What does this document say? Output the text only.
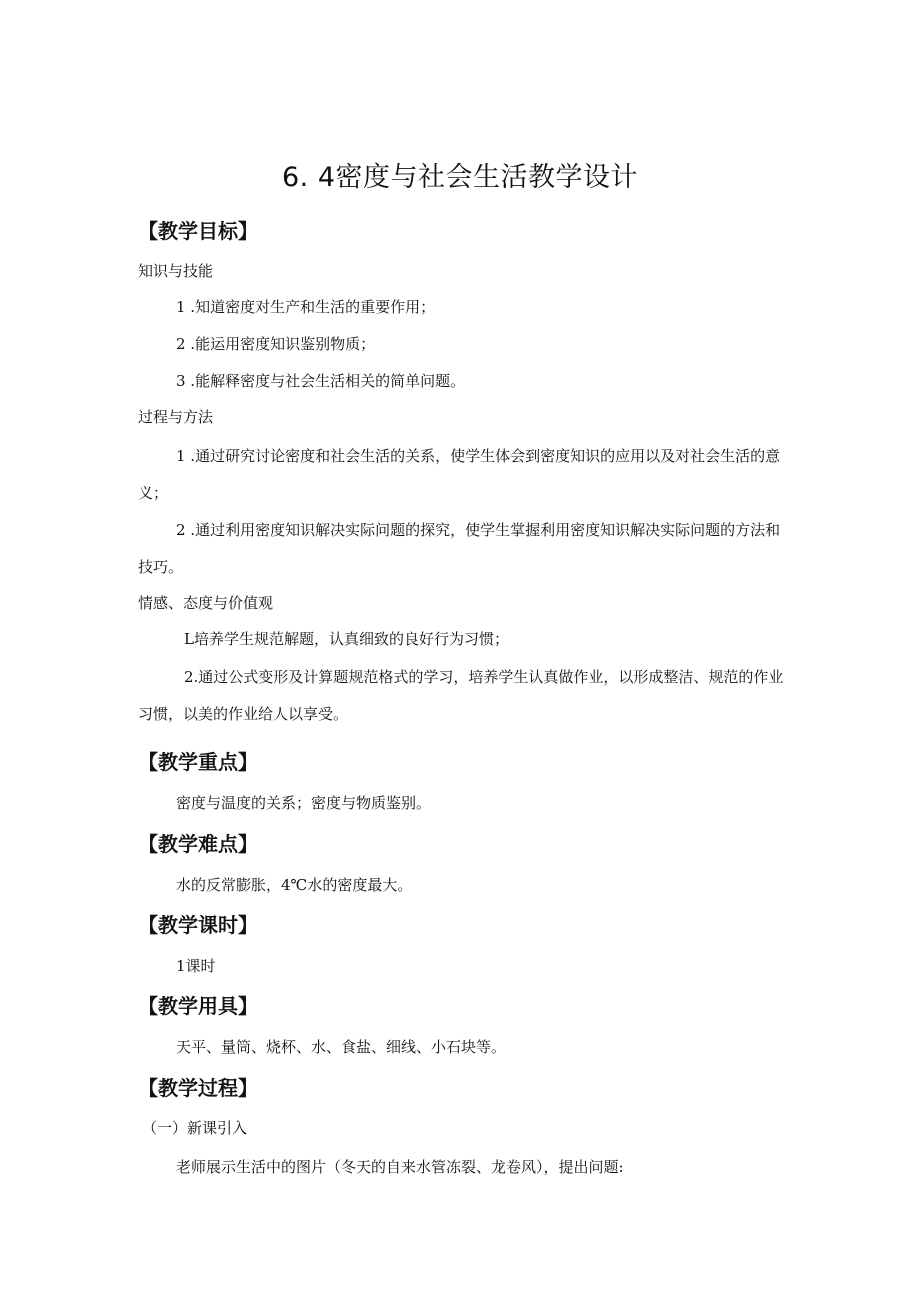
6. 4密度与社会生活教学设计
【教学目标】
知识与技能
1 .知道密度对生产和生活的重要作用；
2 .能运用密度知识鉴别物质；
3 .能解释密度与社会生活相关的简单问题。
过程与方法
1 .通过研究讨论密度和社会生活的关系，使学生体会到密度知识的应用以及对社会生活的意义；
2 .通过利用密度知识解决实际问题的探究，使学生掌握利用密度知识解决实际问题的方法和技巧。
情感、态度与价值观
L培养学生规范解题，认真细致的良好行为习惯；
2.通过公式变形及计算题规范格式的学习，培养学生认真做作业，以形成整洁、规范的作业习惯，以美的作业给人以享受。
【教学重点】
密度与温度的关系；密度与物质鉴别。
【教学难点】
水的反常膨胀，4℃水的密度最大。
【教学课时】
1课时
【教学用具】
天平、量筒、烧杯、水、食盐、细线、小石块等。
【教学过程】
（一）新课引入
老师展示生活中的图片（冬天的自来水管冻裂、龙卷风），提出问题:
